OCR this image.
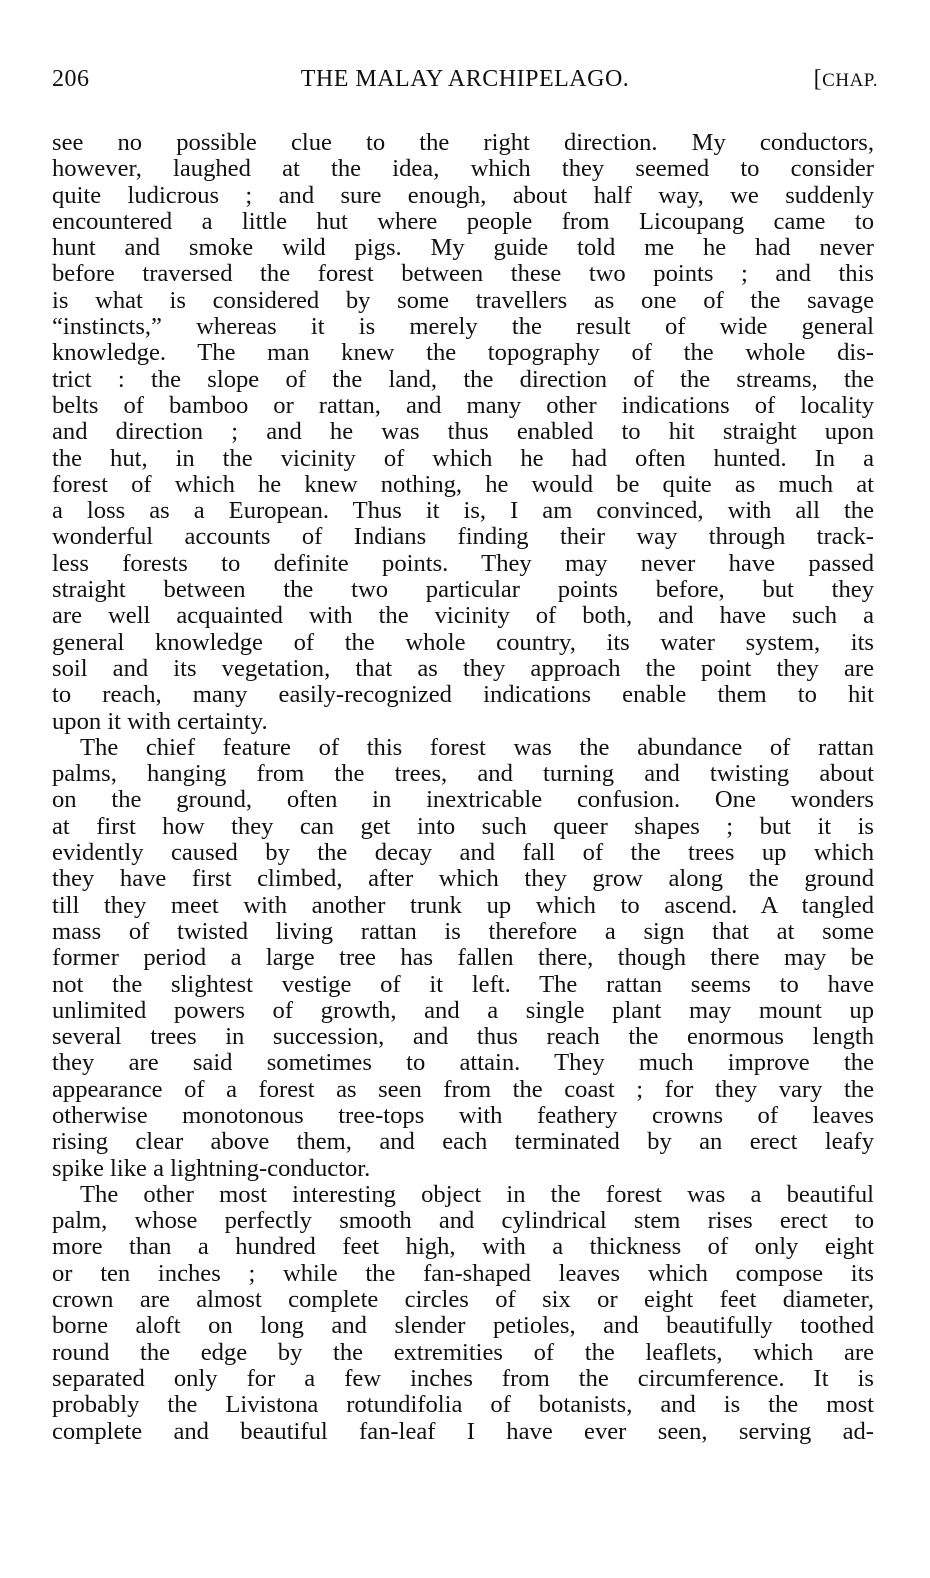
206	THE MALAY ARCHIPELAGO.	[CHAP.
see no possible clue to the right direction. My conductors,
however, laughed at the idea, which they seemed to consider
quite ludicrous ; and sure enough, about half way, we suddenly
encountered a little hut where people from Licoupang came to
hunt and smoke wild pigs. My guide told me he had never
before traversed the forest between these two points ; and this
is what is considered by some travellers as one of the savage
“instincts,” whereas it is merely the result of wide general
knowledge. The man knew the topography of the whole dis-
trict : the slope of the land, the direction of the streams, the
belts of bamboo or rattan, and many other indications of locality
and direction ; and he was thus enabled to hit straight upon
the hut, in the vicinity of which he had often hunted. In a
forest of which he knew nothing, he would be quite as much at
a loss as a European. Thus it is, I am convinced, with all the
wonderful accounts of Indians finding their way through track-
less forests to definite points. They may never have passed
straight between the two particular points before, but they
are well acquainted with the vicinity of both, and have such a
general knowledge of the whole country, its water system, its
soil and its vegetation, that as they approach the point they are
to reach, many easily-recognized indications enable them to hit
upon it with certainty.
The chief feature of this forest was the abundance of rattan
palms, hanging from the trees, and turning and twisting about
on the ground, often in inextricable confusion. One wonders
at first how they can get into such queer shapes ; but it is
evidently caused by the decay and fall of the trees up which
they have first climbed, after which they grow along the ground
till they meet with another trunk up which to ascend. A tangled
mass of twisted living rattan is therefore a sign that at some
former period a large tree has fallen there, though there may be
not the slightest vestige of it left. The rattan seems to have
unlimited powers of growth, and a single plant may mount up
several trees in succession, and thus reach the enormous length
they are said sometimes to attain. They much improve the
appearance of a forest as seen from the coast ; for they vary the
otherwise monotonous tree-tops with feathery crowns of leaves
rising clear above them, and each terminated by an erect leafy
spike like a lightning-conductor.
The other most interesting object in the forest was a beautiful
palm, whose perfectly smooth and cylindrical stem rises erect to
more than a hundred feet high, with a thickness of only eight
or ten inches ; while the fan-shaped leaves which compose its
crown are almost complete circles of six or eight feet diameter,
borne aloft on long and slender petioles, and beautifully toothed
round the edge by the extremities of the leaflets, which are
separated only for a few inches from the circumference. It is
probably the Livistona rotundifolia of botanists, and is the most
complete and beautiful fan-leaf I have ever seen, serving ad-
